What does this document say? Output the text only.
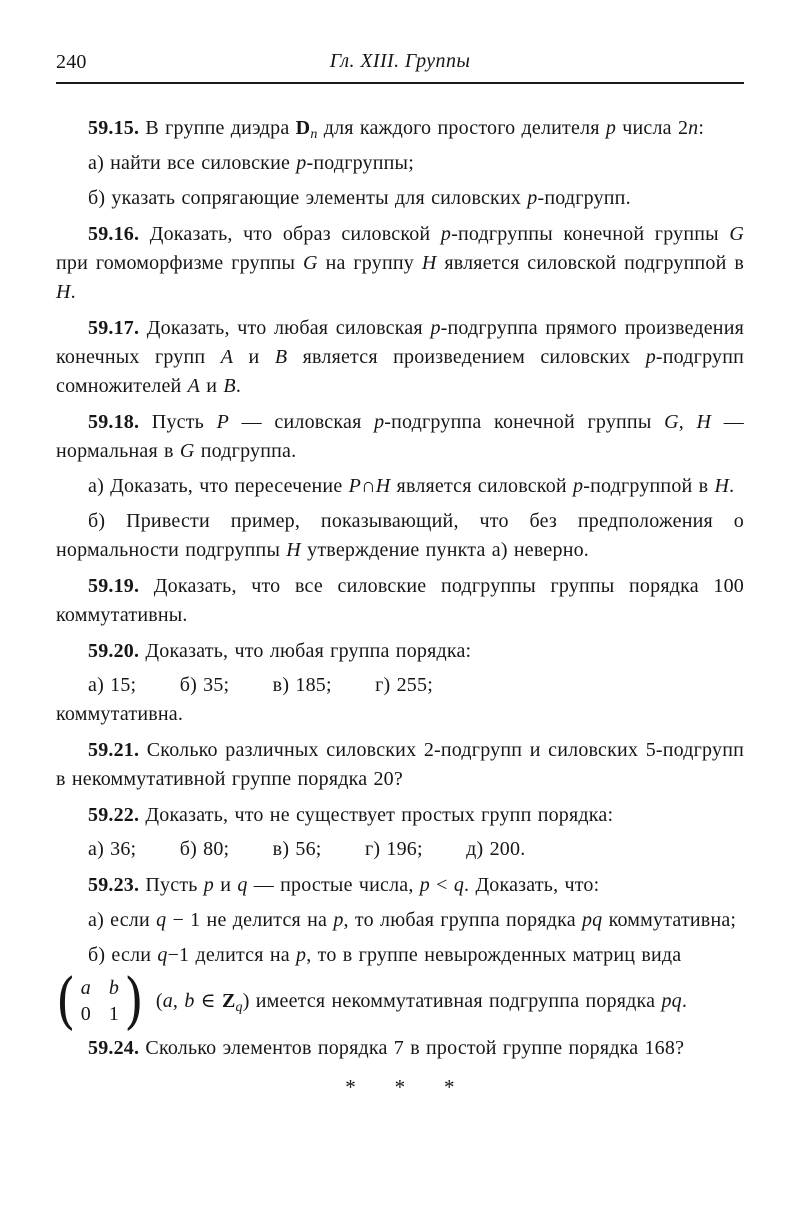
240	Гл. XIII. Группы

59.15. В группе диэдра $D_n$ для каждого простого делителя p числа 2n:

а) найти все силовские p-подгруппы;

б) указать сопрягающие элементы для силовских p-подгрупп.

59.16. Доказать, что образ силовской p-подгруппы конечной группы G при гомоморфизме группы G на группу H является силовской подгруппой в H.

59.17. Доказать, что любая силовская p-подгруппа прямого произведения конечных групп A и B является произведением силовских p-подгрупп сомножителей A и B.

59.18. Пусть P — силовская p-подгруппа конечной группы G, H — нормальная в G подгруппа.

а) Доказать, что пересечение P∩H является силовской p-подгруппой в H.

б) Привести пример, показывающий, что без предположения о нормальности подгруппы H утверждение пункта а) неверно.

59.19. Доказать, что все силовские подгруппы группы порядка 100 коммутативны.

59.20. Доказать, что любая группа порядка:

а) 15;       б) 35;       в) 185;       г) 255;

коммутативна.

59.21. Сколько различных силовских 2-подгрупп и силовских 5-подгрупп в некоммутативной группе порядка 20?

59.22. Доказать, что не существует простых групп порядка:

а) 36;       б) 80;       в) 56;       г) 196;       д) 200.

59.23. Пусть p и q — простые числа, p < q. Доказать, что:

а) если q − 1 не делится на p, то любая группа порядка pq коммутативна;

б) если q−1 делится на p, то в группе невырожденных матриц вида

( a b
0 1 ) (a, b ∈ $Z_q$) имеется некоммутативная подгруппа порядка pq.

59.24. Сколько элементов порядка 7 в простой группе порядка 168?

*      *      *
